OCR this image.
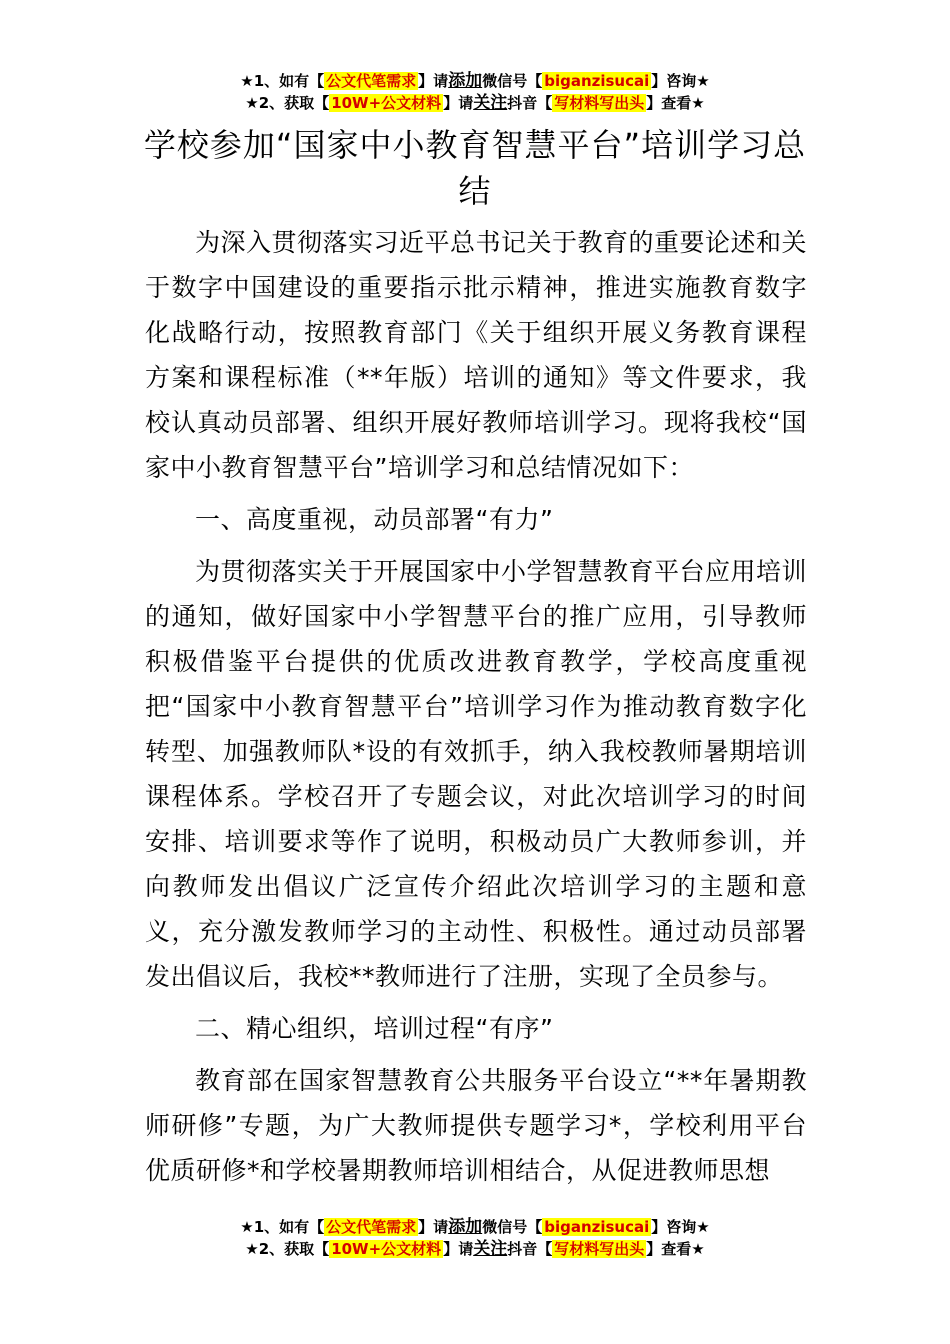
★1、如有【 公文代笔需求 】请添加微信号【 biganzisucai 】咨询★
★2、获取【 10W+公文材料 】请关注抖音【 写材料写出头 】查看★
学校参加“国家中小教育智慧平台”培训学习总结

为深入贯彻落实习近平总书记关于教育的重要论述和关于数字中国建设的重要指示批示精神，推进实施教育数字化战略行动，按照教育部门《关于组织开展义务教育课程方案和课程标准（**年版）培训的通知》等文件要求，我校认真动员部署、组织开展好教师培训学习。现将我校“国家中小教育智慧平台”培训学习和总结情况如下：

一、高度重视，动员部署“有力”

为贯彻落实关于开展国家中小学智慧教育平台应用培训的通知，做好国家中小学智慧平台的推广应用，引导教师积极借鉴平台提供的优质改进教育教学，学校高度重视把“国家中小教育智慧平台”培训学习作为推动教育数字化转型、加强教师队*设的有效抓手，纳入我校教师暑期培训课程体系。学校召开了专题会议，对此次培训学习的时间安排、培训要求等作了说明，积极动员广大教师参训，并向教师发出倡议广泛宣传介绍此次培训学习的主题和意义，充分激发教师学习的主动性、积极性。通过动员部署发出倡议后，我校**教师进行了注册，实现了全员参与。

二、精心组织，培训过程“有序”

教育部在国家智慧教育公共服务平台设立“**年暑期教师研修”专题，为广大教师提供专题学习*，学校利用平台优质研修*和学校暑期教师培训相结合，从促进教师思想

★1、如有【 公文代笔需求 】请添加微信号【 biganzisucai 】咨询★
★2、获取【 10W+公文材料 】请关注抖音【 写材料写出头 】查看★
